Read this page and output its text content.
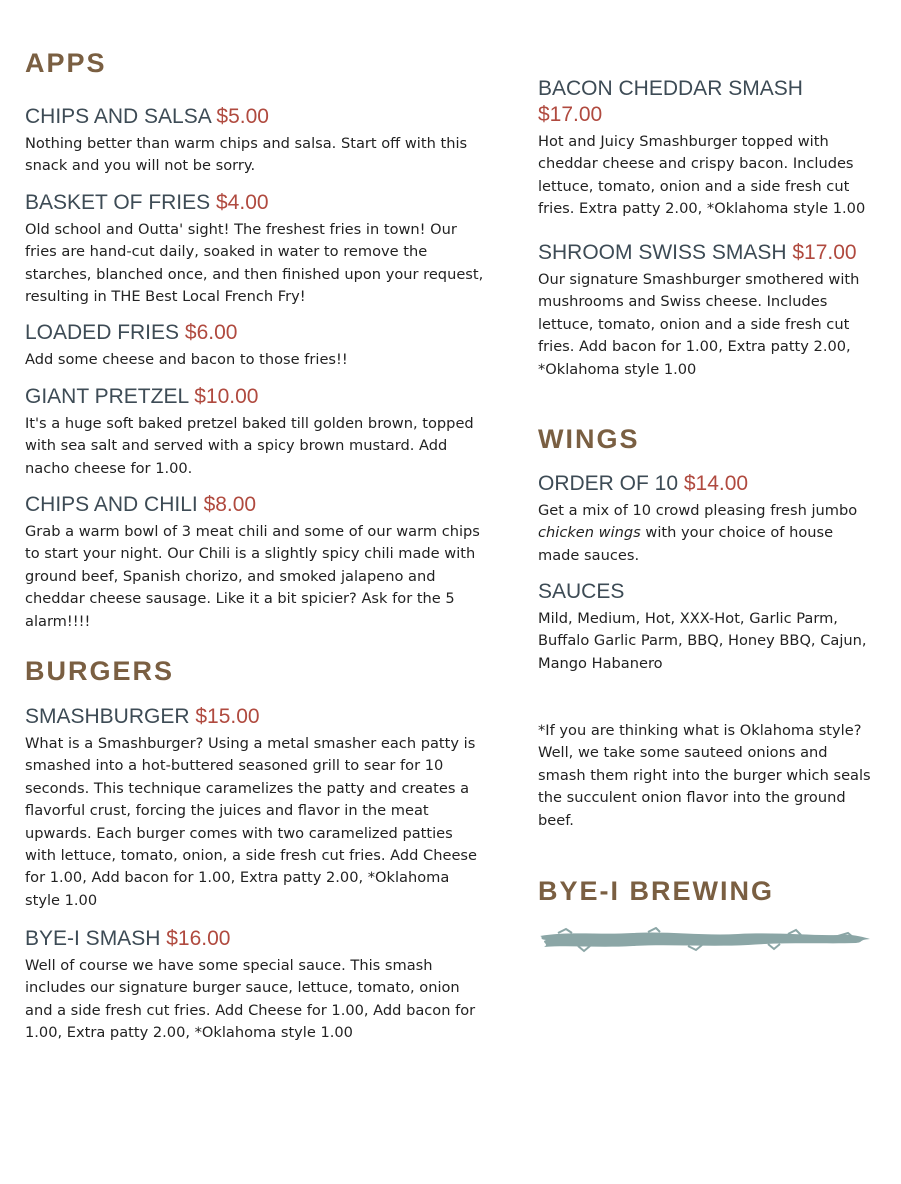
APPS
CHIPS AND SALSA $5.00
Nothing better than warm chips and salsa. Start off with this snack and you will not be sorry.
BASKET OF FRIES $4.00
Old school and Outta' sight! The freshest fries in town! Our fries are hand-cut daily, soaked in water to remove the starches, blanched once, and then finished upon your request, resulting in THE Best Local French Fry!
LOADED FRIES $6.00
Add some cheese and bacon to those fries!!
GIANT PRETZEL $10.00
It's a huge soft baked pretzel baked till golden brown, topped with sea salt and served with a spicy brown mustard. Add nacho cheese for 1.00.
CHIPS AND CHILI $8.00
Grab a warm bowl of 3 meat chili and some of our warm chips to start your night. Our Chili is a slightly spicy chili made with ground beef, Spanish chorizo, and smoked jalapeno and cheddar cheese sausage. Like it a bit spicier? Ask for the 5 alarm!!!!
BURGERS
SMASHBURGER $15.00
What is a Smashburger? Using a metal smasher each patty is smashed into a hot-buttered seasoned grill to sear for 10 seconds. This technique caramelizes the patty and creates a flavorful crust, forcing the juices and flavor in the meat upwards. Each burger comes with two caramelized patties with lettuce, tomato, onion, a side fresh cut fries. Add Cheese for 1.00, Add bacon for 1.00, Extra patty 2.00, *Oklahoma style 1.00
BYE-I SMASH $16.00
Well of course we have some special sauce. This smash includes our signature burger sauce, lettuce, tomato, onion and a side fresh cut fries. Add Cheese for 1.00, Add bacon for 1.00, Extra patty 2.00, *Oklahoma style 1.00
BACON CHEDDAR SMASH
$17.00
Hot and Juicy Smashburger topped with cheddar cheese and crispy bacon. Includes lettuce, tomato, onion and a side fresh cut fries. Extra patty 2.00, *Oklahoma style 1.00
SHROOM SWISS SMASH $17.00
Our signature Smashburger smothered with mushrooms and Swiss cheese. Includes lettuce, tomato, onion and a side fresh cut fries. Add bacon for 1.00, Extra patty 2.00, *Oklahoma style 1.00
WINGS
ORDER OF 10 $14.00
Get a mix of 10 crowd pleasing fresh jumbo chicken wings with your choice of house made sauces.
SAUCES
Mild, Medium, Hot, XXX-Hot, Garlic Parm, Buffalo Garlic Parm, BBQ, Honey BBQ, Cajun, Mango Habanero
*If you are thinking what is Oklahoma style? Well, we take some sauteed onions and smash them right into the burger which seals the succulent onion flavor into the ground beef.
BYE-I BREWING
